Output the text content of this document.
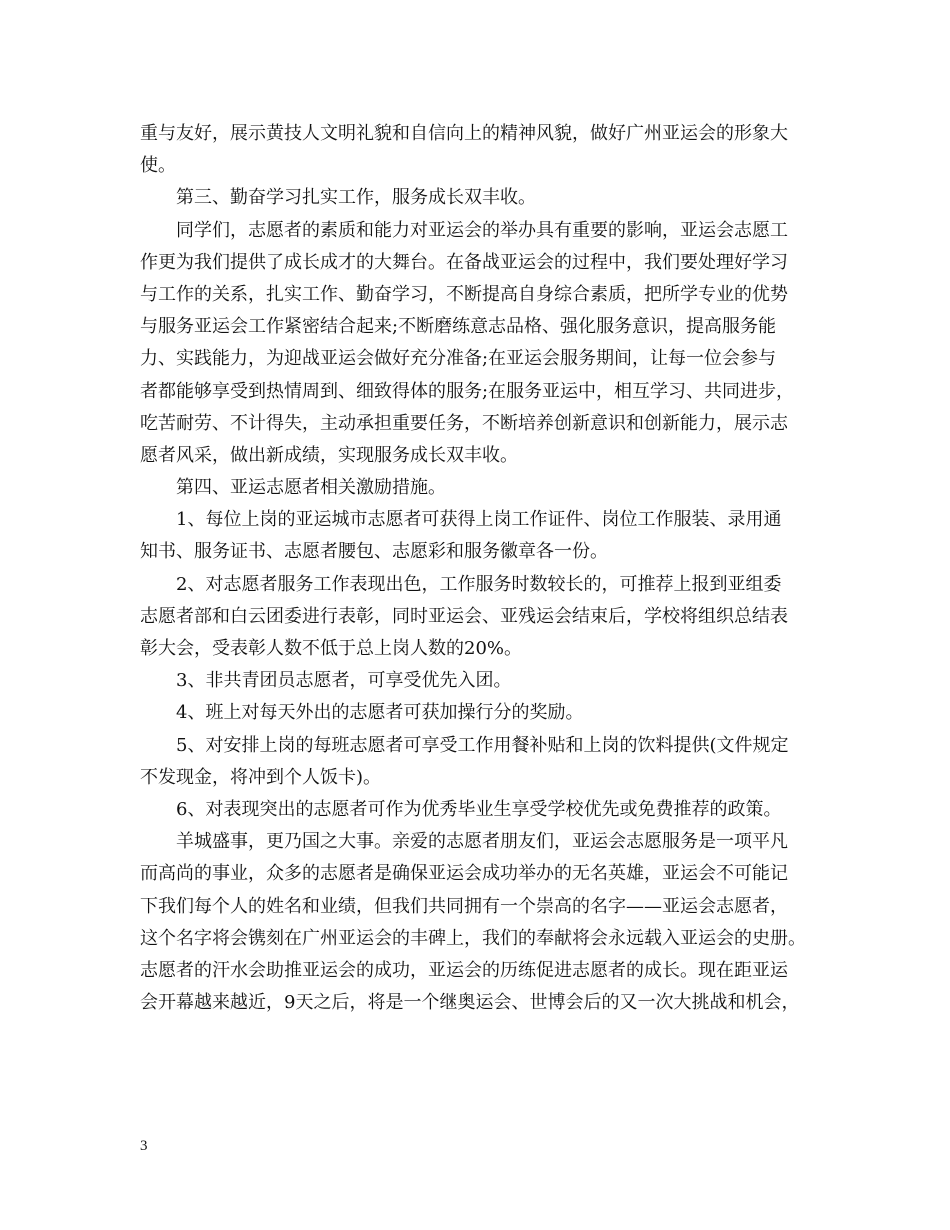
重与友好，展示黄技人文明礼貌和自信向上的精神风貌，做好广州亚运会的形象大
使。
第三、勤奋学习扎实工作，服务成长双丰收。
同学们，志愿者的素质和能力对亚运会的举办具有重要的影响，亚运会志愿工
作更为我们提供了成长成才的大舞台。在备战亚运会的过程中，我们要处理好学习
与工作的关系，扎实工作、勤奋学习，不断提高自身综合素质，把所学专业的优势
与服务亚运会工作紧密结合起来;不断磨练意志品格、强化服务意识，提高服务能
力、实践能力，为迎战亚运会做好充分准备;在亚运会服务期间，让每一位会参与
者都能够享受到热情周到、细致得体的服务;在服务亚运中，相互学习、共同进步，
吃苦耐劳、不计得失，主动承担重要任务，不断培养创新意识和创新能力，展示志
愿者风采，做出新成绩，实现服务成长双丰收。
第四、亚运志愿者相关激励措施。
1、每位上岗的亚运城市志愿者可获得上岗工作证件、岗位工作服装、录用通
知书、服务证书、志愿者腰包、志愿彩和服务徽章各一份。
2、对志愿者服务工作表现出色，工作服务时数较长的，可推荐上报到亚组委
志愿者部和白云团委进行表彰，同时亚运会、亚残运会结束后，学校将组织总结表
彰大会，受表彰人数不低于总上岗人数的20%。
3、非共青团员志愿者，可享受优先入团。
4、班上对每天外出的志愿者可获加操行分的奖励。
5、对安排上岗的每班志愿者可享受工作用餐补贴和上岗的饮料提供(文件规定
不发现金，将冲到个人饭卡)。
6、对表现突出的志愿者可作为优秀毕业生享受学校优先或免费推荐的政策。
羊城盛事，更乃国之大事。亲爱的志愿者朋友们，亚运会志愿服务是一项平凡
而高尚的事业，众多的志愿者是确保亚运会成功举办的无名英雄，亚运会不可能记
下我们每个人的姓名和业绩，但我们共同拥有一个崇高的名字——亚运会志愿者，
这个名字将会镌刻在广州亚运会的丰碑上，我们的奉献将会永远载入亚运会的史册。
志愿者的汗水会助推亚运会的成功，亚运会的历练促进志愿者的成长。现在距亚运
会开幕越来越近，9天之后，将是一个继奥运会、世博会后的又一次大挑战和机会，
3
